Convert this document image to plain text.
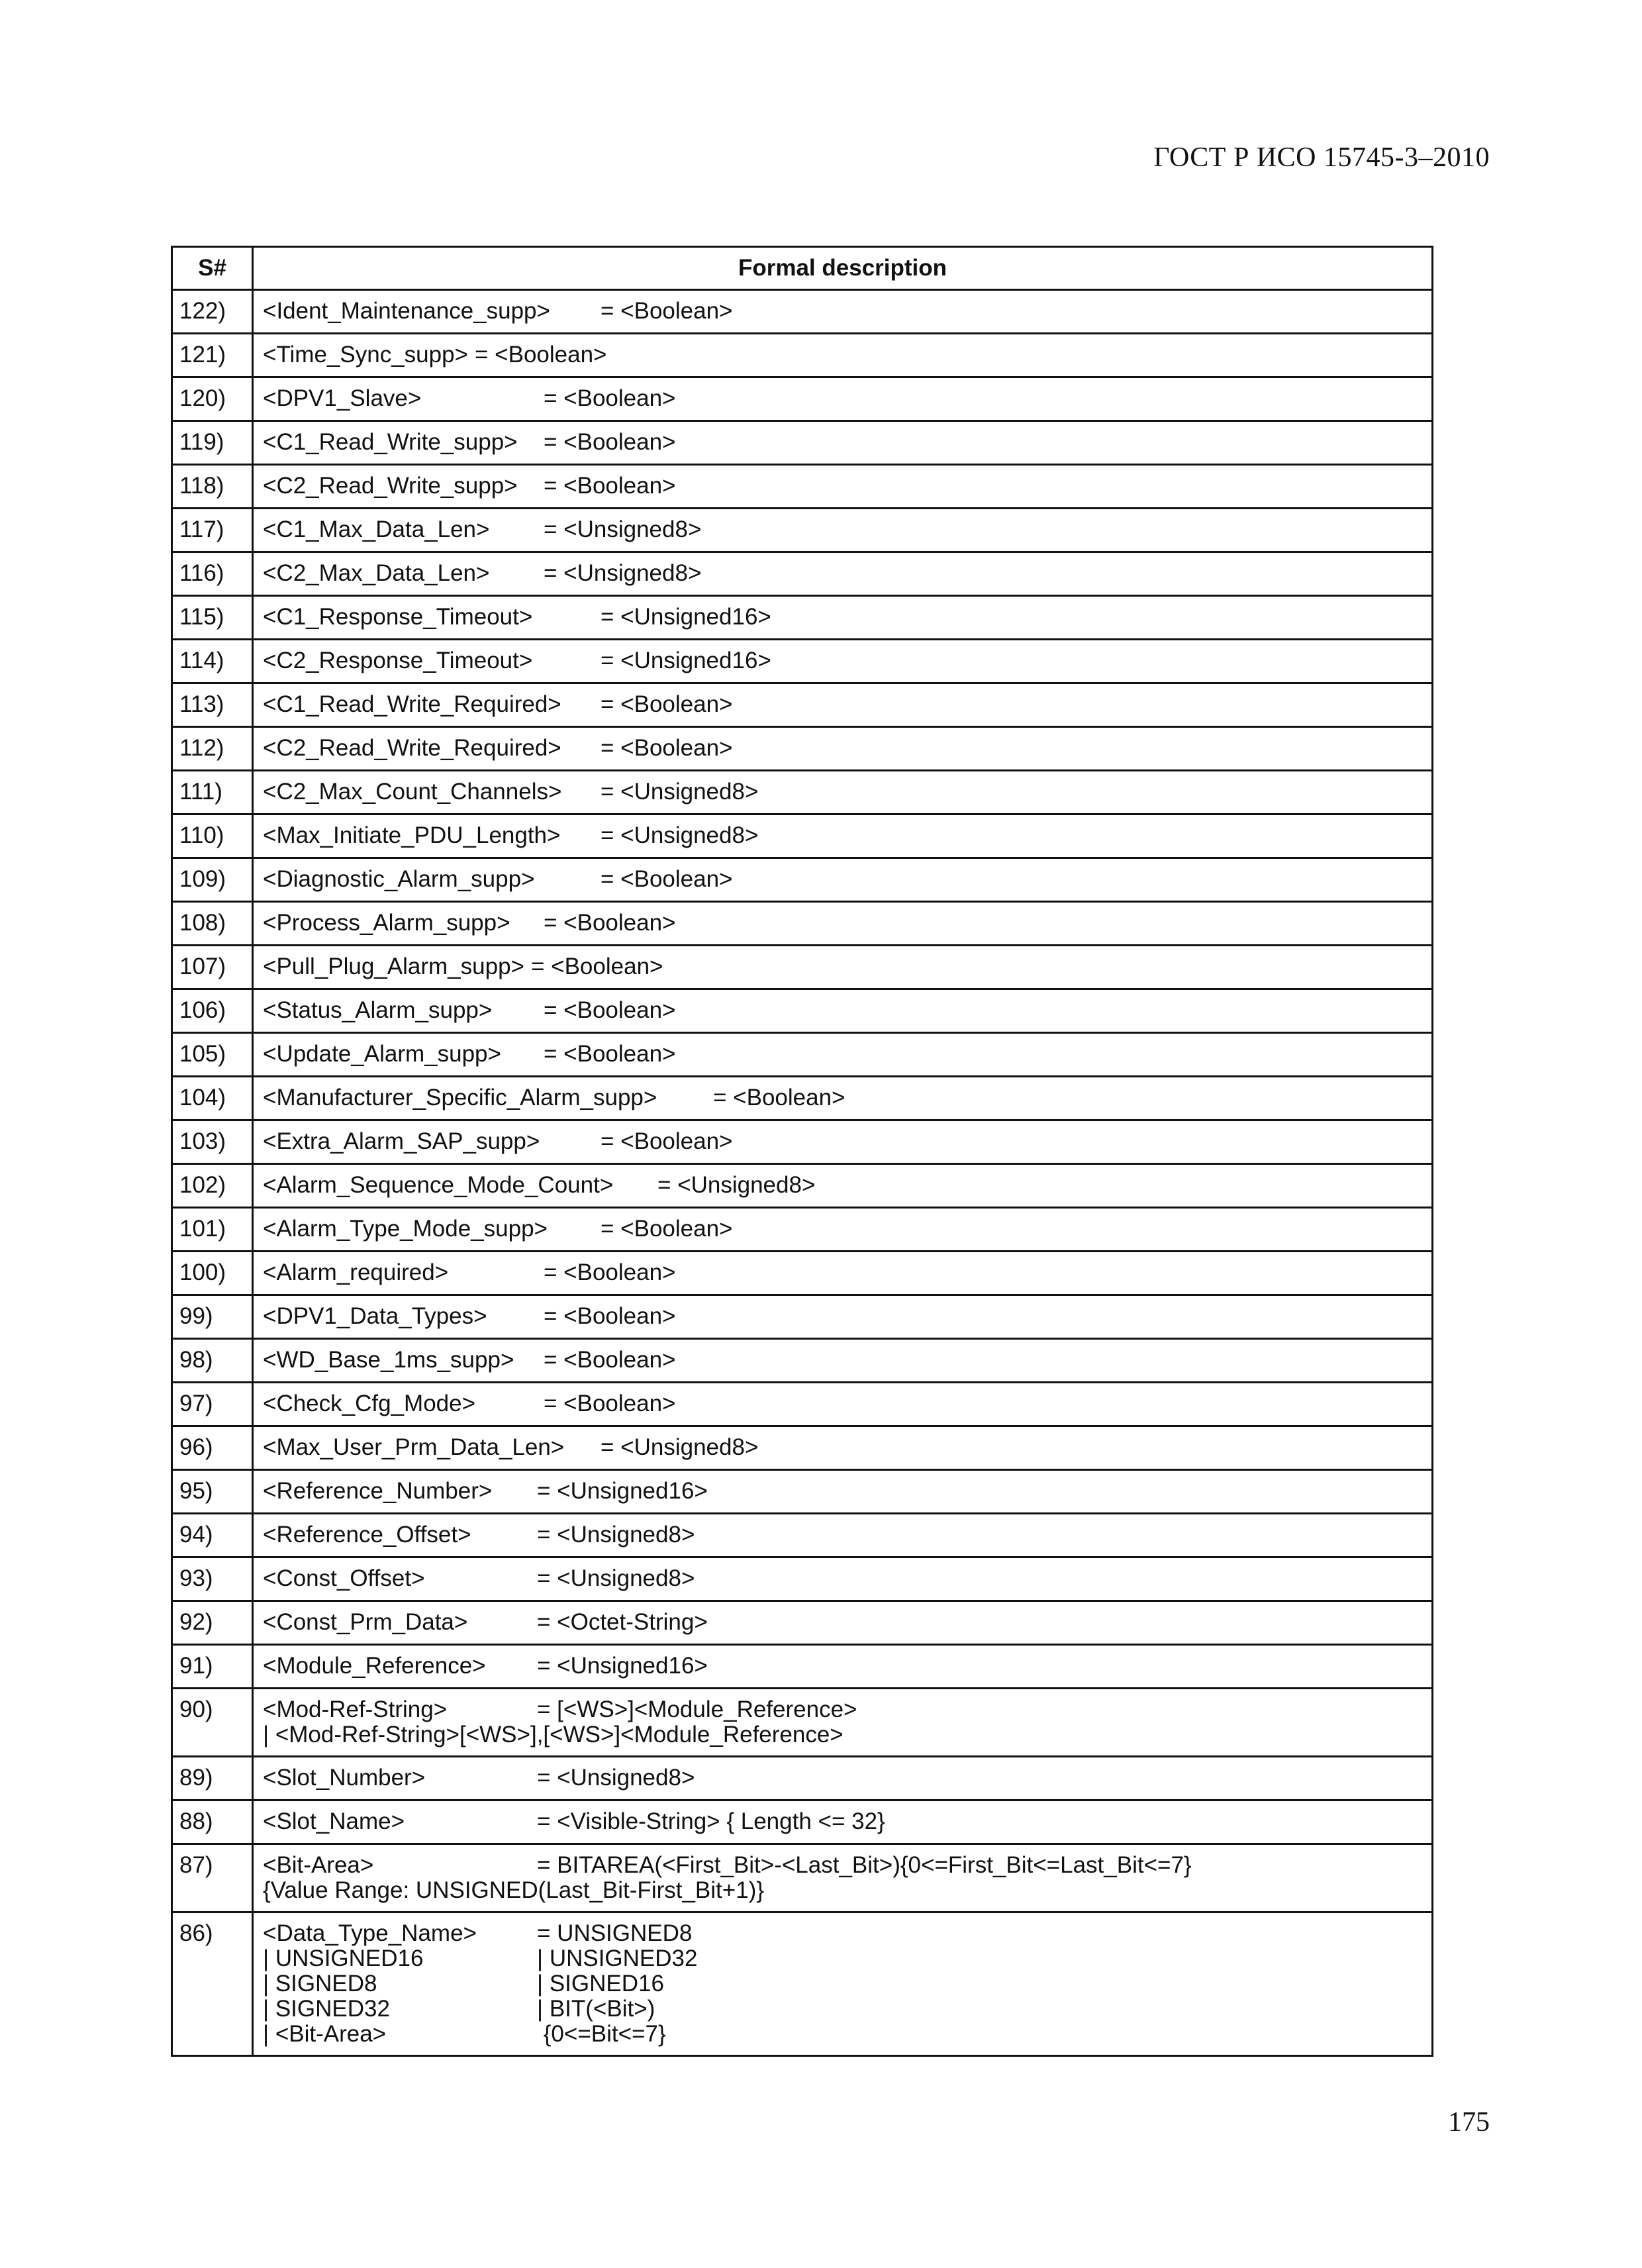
ГОСТ Р ИСО 15745-3–2010
S#	Formal description
122)	<Ident_Maintenance_supp> = <Boolean>

121)	<Time_Sync_supp> = <Boolean>

120)	<DPV1_Slave> = <Boolean>

119)	<C1_Read_Write_supp> = <Boolean>

118)	<C2_Read_Write_supp> = <Boolean>

117)	<C1_Max_Data_Len> = <Unsigned8>

116)	<C2_Max_Data_Len> = <Unsigned8>

115)	<C1_Response_Timeout> = <Unsigned16>

114)	<C2_Response_Timeout> = <Unsigned16>

113)	<C1_Read_Write_Required> = <Boolean>

112)	<C2_Read_Write_Required> = <Boolean>

111)	<C2_Max_Count_Channels> = <Unsigned8>

110)	<Max_Initiate_PDU_Length> = <Unsigned8>

109)	<Diagnostic_Alarm_supp> = <Boolean>

108)	<Process_Alarm_supp> = <Boolean>

107)	<Pull_Plug_Alarm_supp> = <Boolean>

106)	<Status_Alarm_supp> = <Boolean>

105)	<Update_Alarm_supp> = <Boolean>

104)	<Manufacturer_Specific_Alarm_supp> = <Boolean>

103)	<Extra_Alarm_SAP_supp> = <Boolean>

102)	<Alarm_Sequence_Mode_Count> = <Unsigned8>

101)	<Alarm_Type_Mode_supp> = <Boolean>

100)	<Alarm_required> = <Boolean>

99)	<DPV1_Data_Types> = <Boolean>

98)	<WD_Base_1ms_supp> = <Boolean>

97)	<Check_Cfg_Mode> = <Boolean>

96)	<Max_User_Prm_Data_Len> = <Unsigned8>

95)	<Reference_Number> = <Unsigned16>

94)	<Reference_Offset> = <Unsigned8>

93)	<Const_Offset> = <Unsigned8>

92)	<Const_Prm_Data> = <Octet-String>

91)	<Module_Reference> = <Unsigned16>

90)	<Mod-Ref-String> = [<WS>]<Module_Reference>
| <Mod-Ref-String>[<WS>],[<WS>]<Module_Reference>

89)	<Slot_Number> = <Unsigned8>

88)	<Slot_Name> = <Visible-String> { Length <= 32}

87)	<Bit-Area> = BITAREA(<First_Bit>-<Last_Bit>){0<=First_Bit<=Last_Bit<=7}
{Value Range: UNSIGNED(Last_Bit-First_Bit+1)}

86)	<Data_Type_Name> = UNSIGNED8
| UNSIGNED16 | UNSIGNED32
| SIGNED8 | SIGNED16
| SIGNED32 | BIT(<Bit>)
| <Bit-Area> {0<=Bit<=7}
175
